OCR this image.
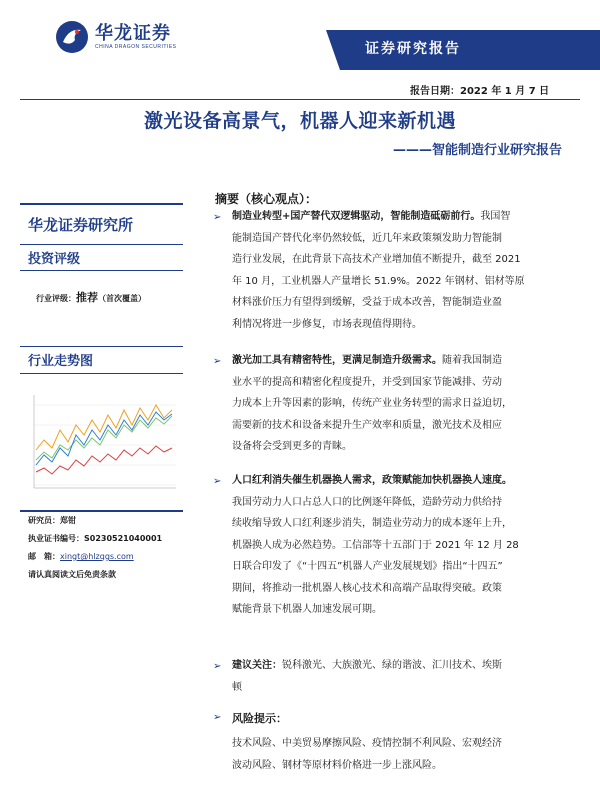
华龙证券
CHINA DRAGON SECURITIES	证券研究报告
报告日期：2022 年 1 月 7 日
激光设备高景气，机器人迎来新机遇
———智能制造行业研究报告
华龙证券研究所
投资评级
行业评级：推荐（首次覆盖）
行业走势图
研究员：郑钳
执业证书编号：S0230521040001
邮　箱：xingt@hlzqgs.com
请认真阅读文后免责条款
摘要（核心观点）：
➢ 制造业转型+国产替代双逻辑驱动，智能制造砥砺前行。我国智
能制造国产替代化率仍然较低，近几年来政策频发助力智能制
造行业发展，在此背景下高技术产业增加值不断提升，截至 2021
年 10 月，工业机器人产量增长 51.9%。2022 年钢材、铝材等原
材料涨价压力有望得到缓解，受益于成本改善，智能制造业盈
利情况将进一步修复，市场表现值得期待。
➢ 激光加工具有精密特性，更满足制造升级需求。随着我国制造
业水平的提高和精密化程度提升，并受到国家节能减排、劳动
力成本上升等因素的影响，传统产业业务转型的需求日益迫切，
需要新的技术和设备来提升生产效率和质量，激光技术及相应
设备将会受到更多的青睐。
➢ 人口红利消失催生机器换人需求，政策赋能加快机器换人速度。
我国劳动力人口占总人口的比例逐年降低，造龄劳动力供给持
续收缩导致人口红利逐步消失，制造业劳动力的成本逐年上升，
机器换人成为必然趋势。工信部等十五部门于 2021 年 12 月 28
日联合印发了《“十四五”机器人产业发展规划》指出“十四五”
期间，将推动一批机器人核心技术和高端产品取得突破。政策
赋能背景下机器人加速发展可期。
➢ 建议关注：锐科激光、大族激光、绿的谐波、汇川技术、埃斯
顿
➢ 风险提示：
技术风险、中美贸易摩擦风险、疫情控制不利风险、宏观经济
波动风险、钢材等原材料价格进一步上涨风险。
